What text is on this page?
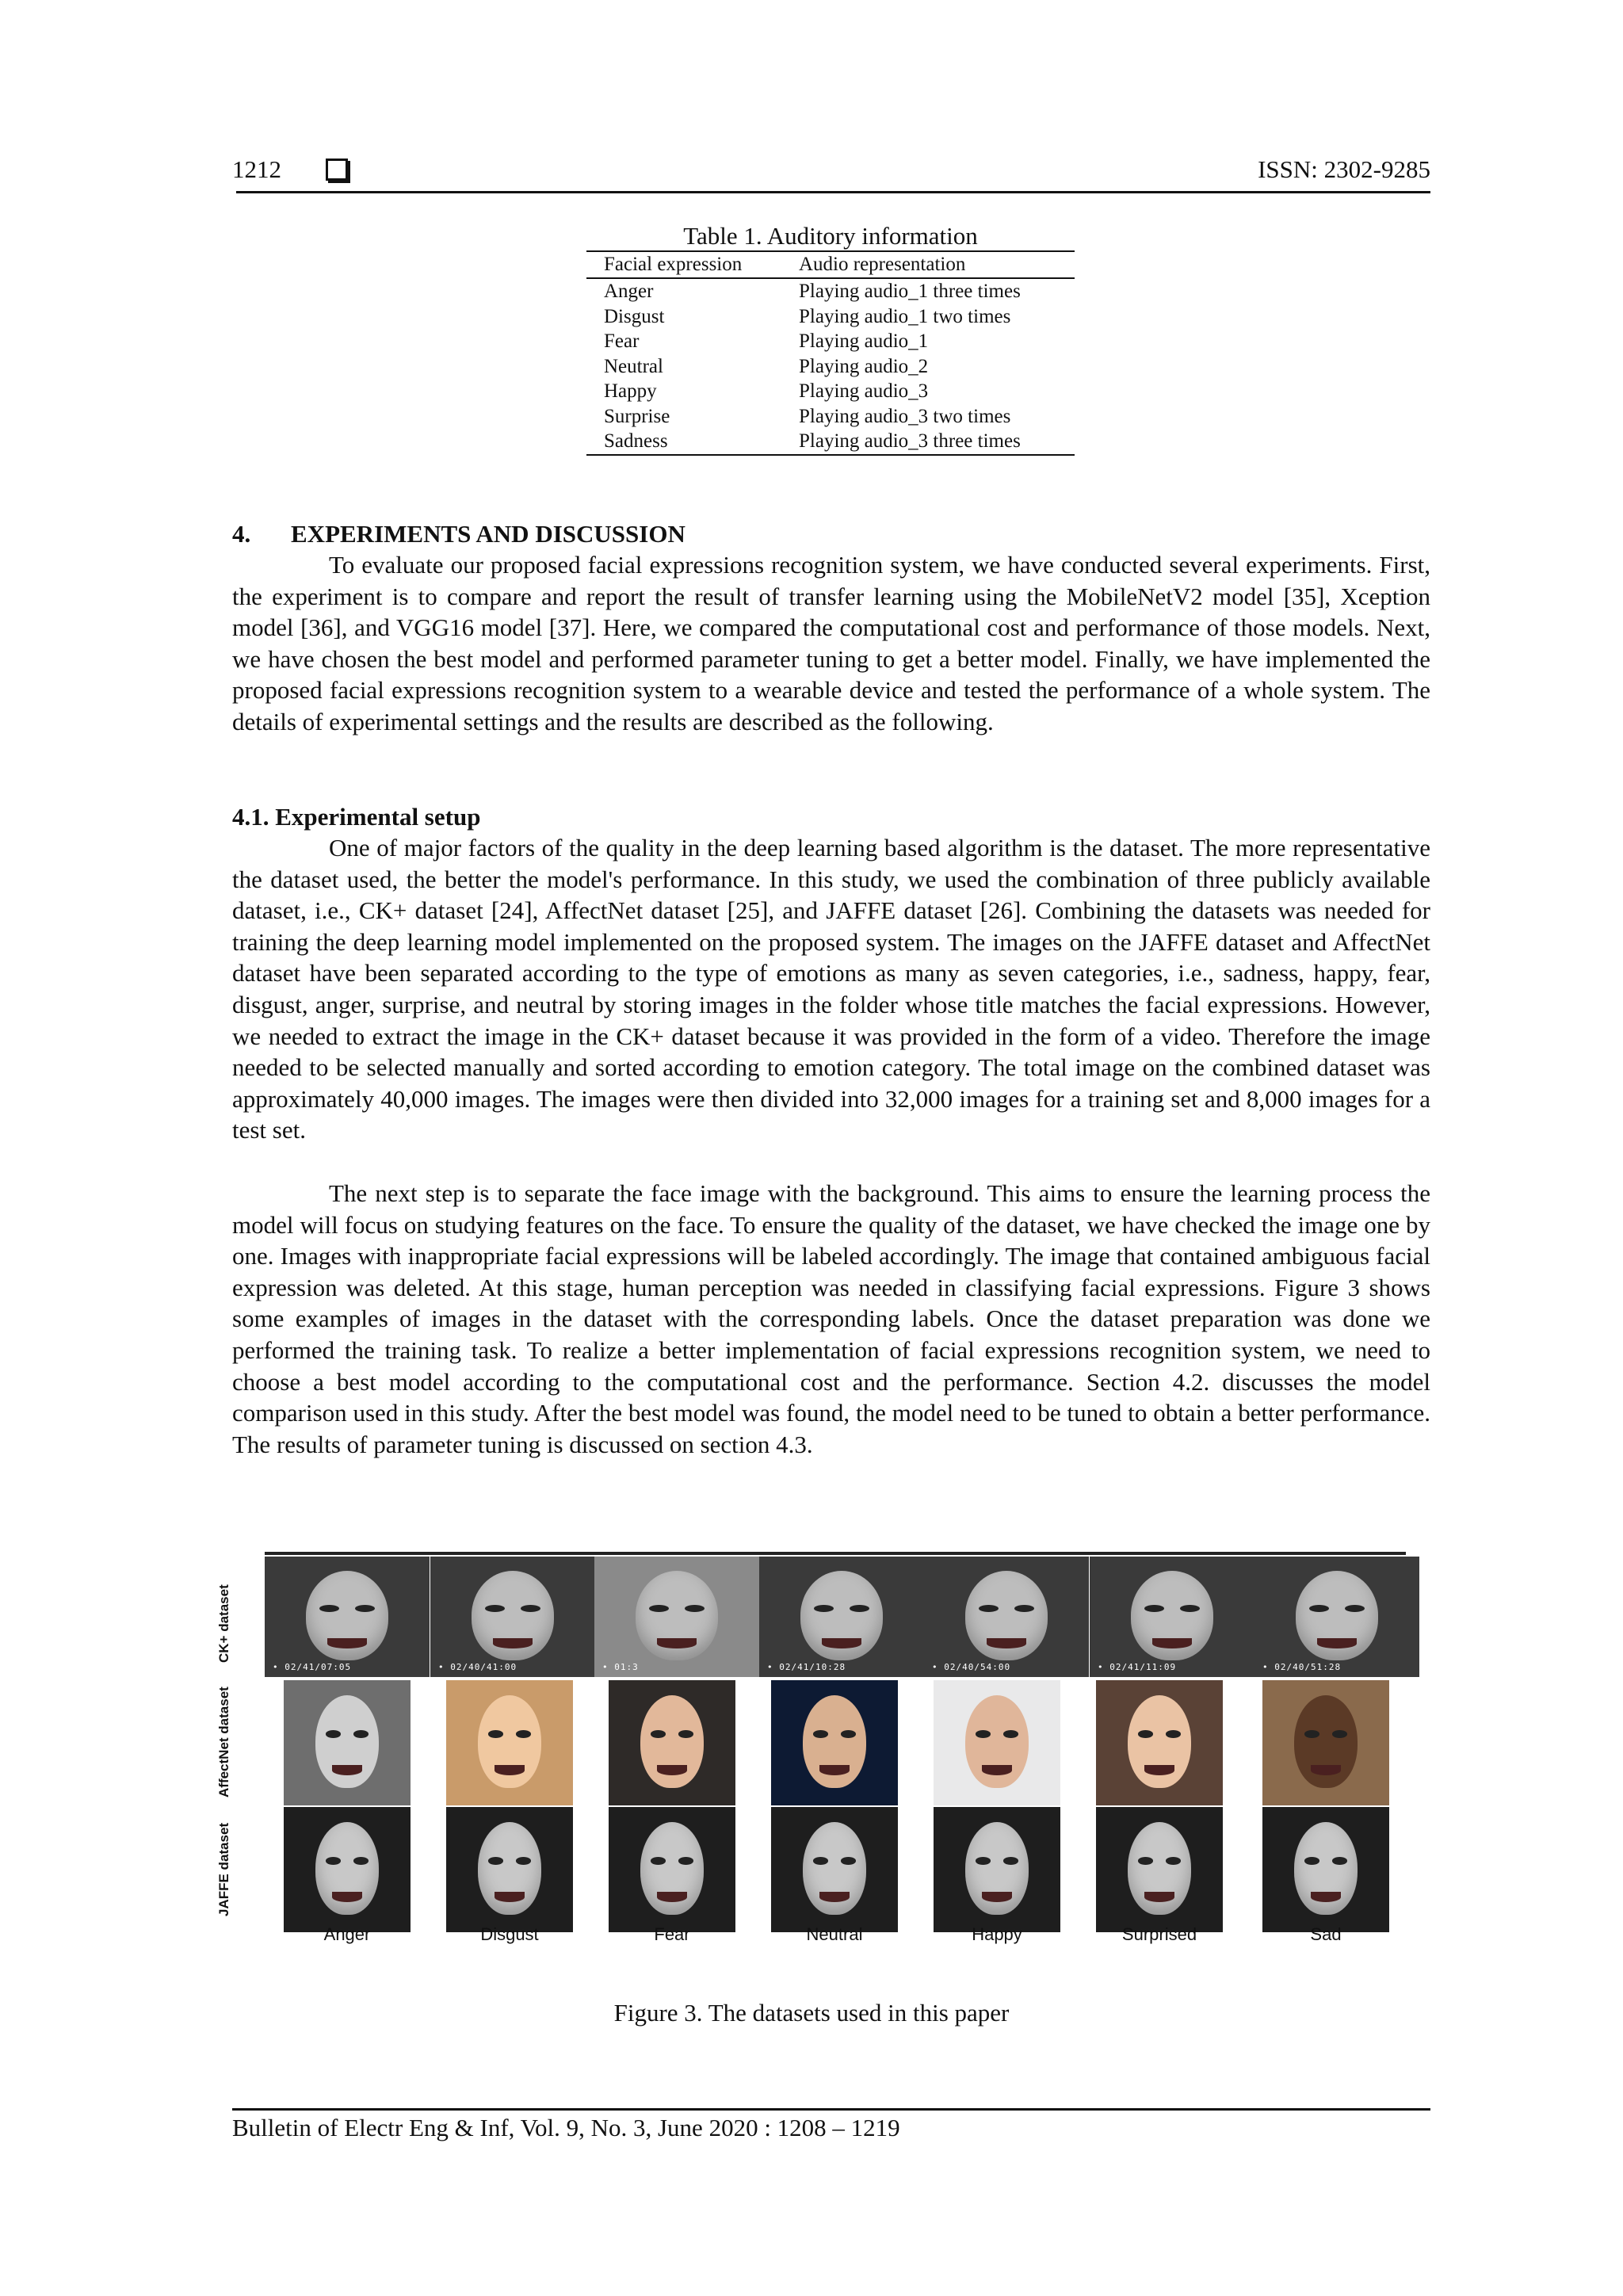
1212	ISSN: 2302-9285
Table 1. Auditory information
Facial expression	Audio representation
Anger	Playing audio_1 three times
Disgust	Playing audio_1 two times
Fear	Playing audio_1
Neutral	Playing audio_2
Happy	Playing audio_3
Surprise	Playing audio_3 two times
Sadness	Playing audio_3 three times
4. EXPERIMENTS AND DISCUSSION

To evaluate our proposed facial expressions recognition system, we have conducted several experiments. First, the experiment is to compare and report the result of transfer learning using the MobileNetV2 model [35], Xception model [36], and VGG16 model [37]. Here, we compared the computational cost and performance of those models. Next, we have chosen the best model and performed parameter tuning to get a better model. Finally, we have implemented the proposed facial expressions recognition system to a wearable device and tested the performance of a whole system. The details of experimental settings and the results are described as the following.

4.1. Experimental setup

One of major factors of the quality in the deep learning based algorithm is the dataset. The more representative the dataset used, the better the model's performance. In this study, we used the combination of three publicly available dataset, i.e., CK+ dataset [24], AffectNet dataset [25], and JAFFE dataset [26]. Combining the datasets was needed for training the deep learning model implemented on the proposed system. The images on the JAFFE dataset and AffectNet dataset have been separated according to the type of emotions as many as seven categories, i.e., sadness, happy, fear, disgust, anger, surprise, and neutral by storing images in the folder whose title matches the facial expressions. However, we needed to extract the image in the CK+ dataset because it was provided in the form of a video. Therefore the image needed to be selected manually and sorted according to emotion category. The total image on the combined dataset was approximately 40,000 images. The images were then divided into 32,000 images for a training set and 8,000 images for a test set.

The next step is to separate the face image with the background. This aims to ensure the learning process the model will focus on studying features on the face. To ensure the quality of the dataset, we have checked the image one by one. Images with inappropriate facial expressions will be labeled accordingly. The image that contained ambiguous facial expression was deleted. At this stage, human perception was needed in classifying facial expressions. Figure 3 shows some examples of images in the dataset with the corresponding labels. Once the dataset preparation was done we performed the training task. To realize a better implementation of facial expressions recognition system, we need to choose a best model according to the computational cost and the performance. Section 4.2. discusses the model comparison used in this study. After the best model was found, the model need to be tuned to obtain a better performance. The results of parameter tuning is discussed on section 4.3.

CK+ dataset
AffectNet dataset
JAFFE dataset
• 02/41/07:05
Anger
• 02/40/41:00
Disgust
• 01:3
Fear
• 02/41/10:28
Neutral
• 02/40/54:00
Happy
• 02/41/11:09
Surprised
• 02/40/51:28
Sad
Figure 3. The datasets used in this paper
Bulletin of Electr Eng & Inf, Vol. 9, No. 3, June 2020 : 1208 – 1219
